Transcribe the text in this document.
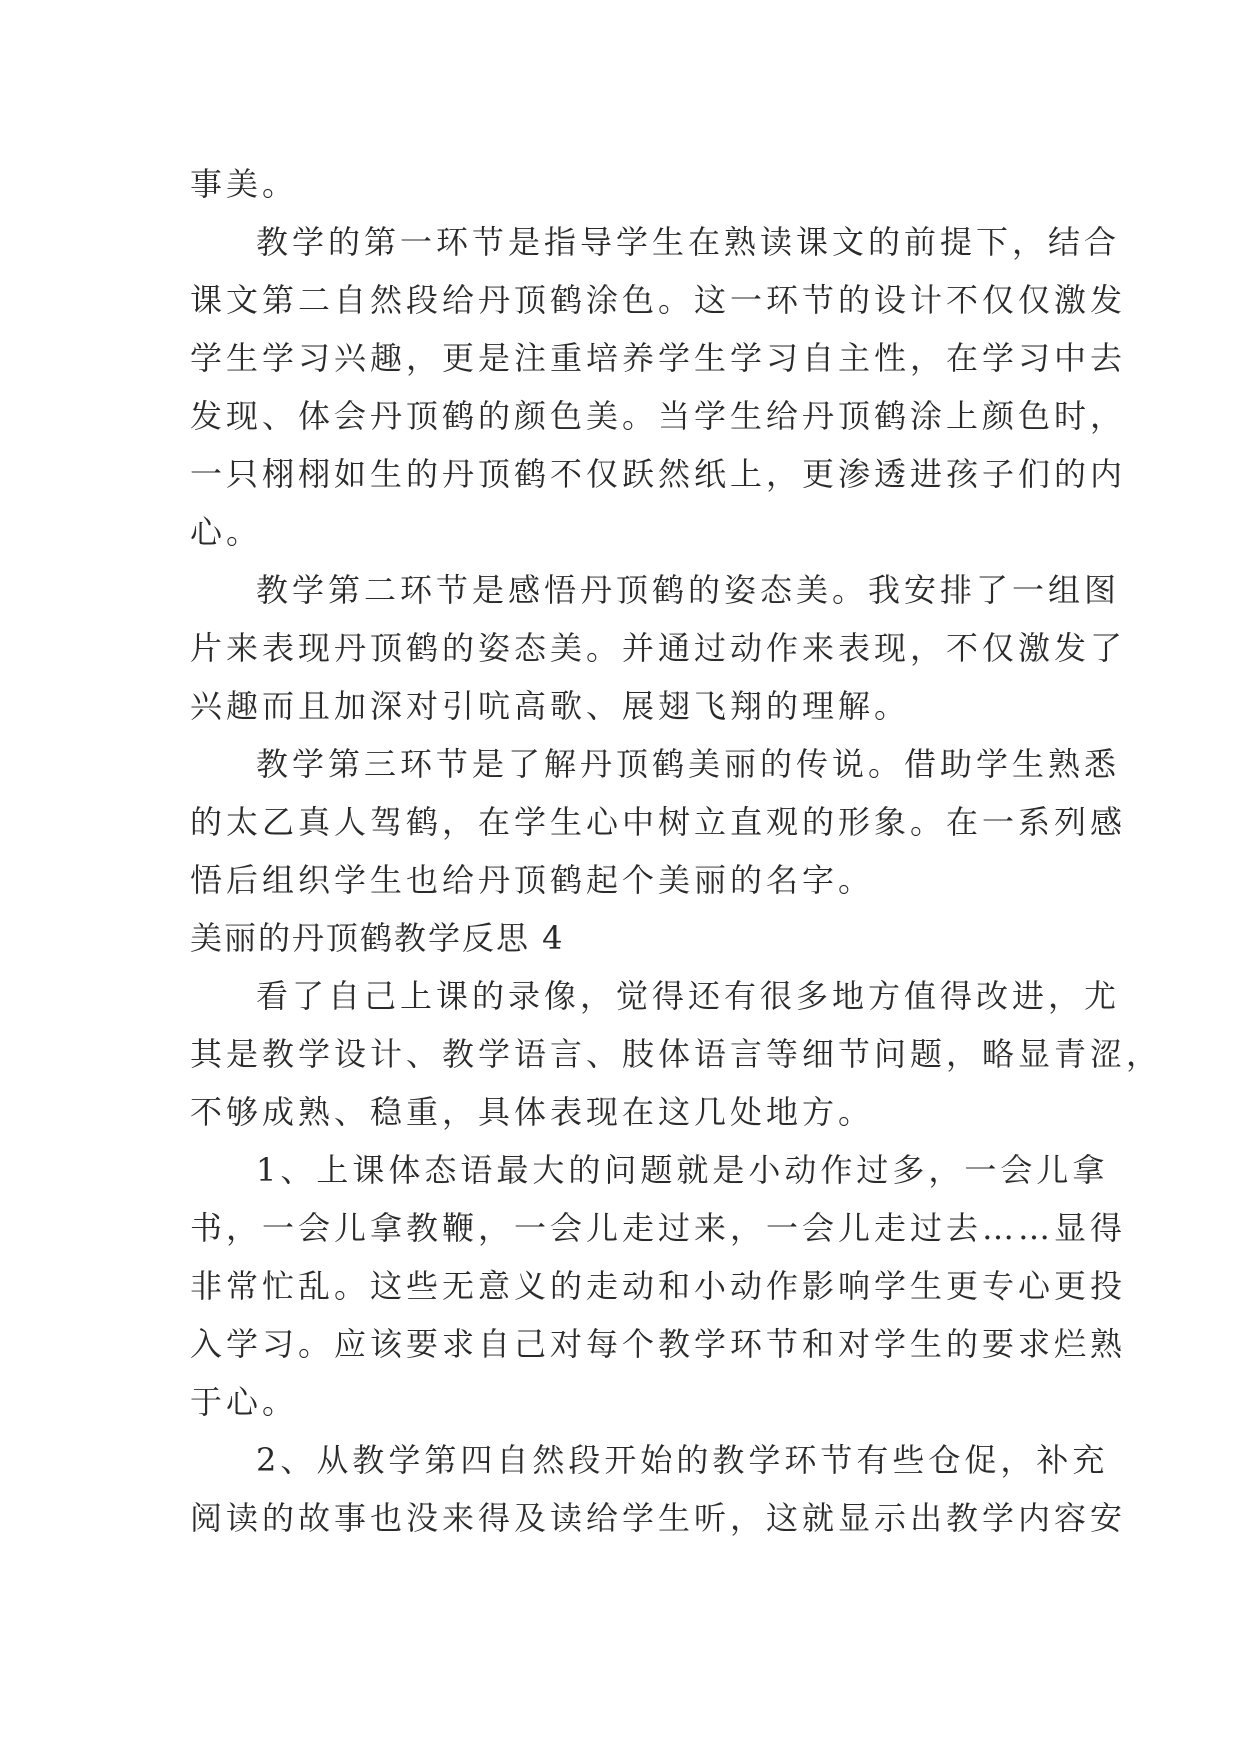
事美。
教学的第一环节是指导学生在熟读课文的前提下，结合
课文第二自然段给丹顶鹤涂色。这一环节的设计不仅仅激发
学生学习兴趣，更是注重培养学生学习自主性，在学习中去
发现、体会丹顶鹤的颜色美。当学生给丹顶鹤涂上颜色时，
一只栩栩如生的丹顶鹤不仅跃然纸上，更渗透进孩子们的内
心。
教学第二环节是感悟丹顶鹤的姿态美。我安排了一组图
片来表现丹顶鹤的姿态美。并通过动作来表现，不仅激发了
兴趣而且加深对引吭高歌、展翅飞翔的理解。
教学第三环节是了解丹顶鹤美丽的传说。借助学生熟悉
的太乙真人驾鹤，在学生心中树立直观的形象。在一系列感
悟后组织学生也给丹顶鹤起个美丽的名字。
美丽的丹顶鹤教学反思 4
看了自己上课的录像，觉得还有很多地方值得改进，尤
其是教学设计、教学语言、肢体语言等细节问题，略显青涩，
不够成熟、稳重，具体表现在这几处地方。
1、上课体态语最大的问题就是小动作过多，一会儿拿
书，一会儿拿教鞭，一会儿走过来，一会儿走过去……显得
非常忙乱。这些无意义的走动和小动作影响学生更专心更投
入学习。应该要求自己对每个教学环节和对学生的要求烂熟
于心。
2、从教学第四自然段开始的教学环节有些仓促，补充
阅读的故事也没来得及读给学生听，这就显示出教学内容安
